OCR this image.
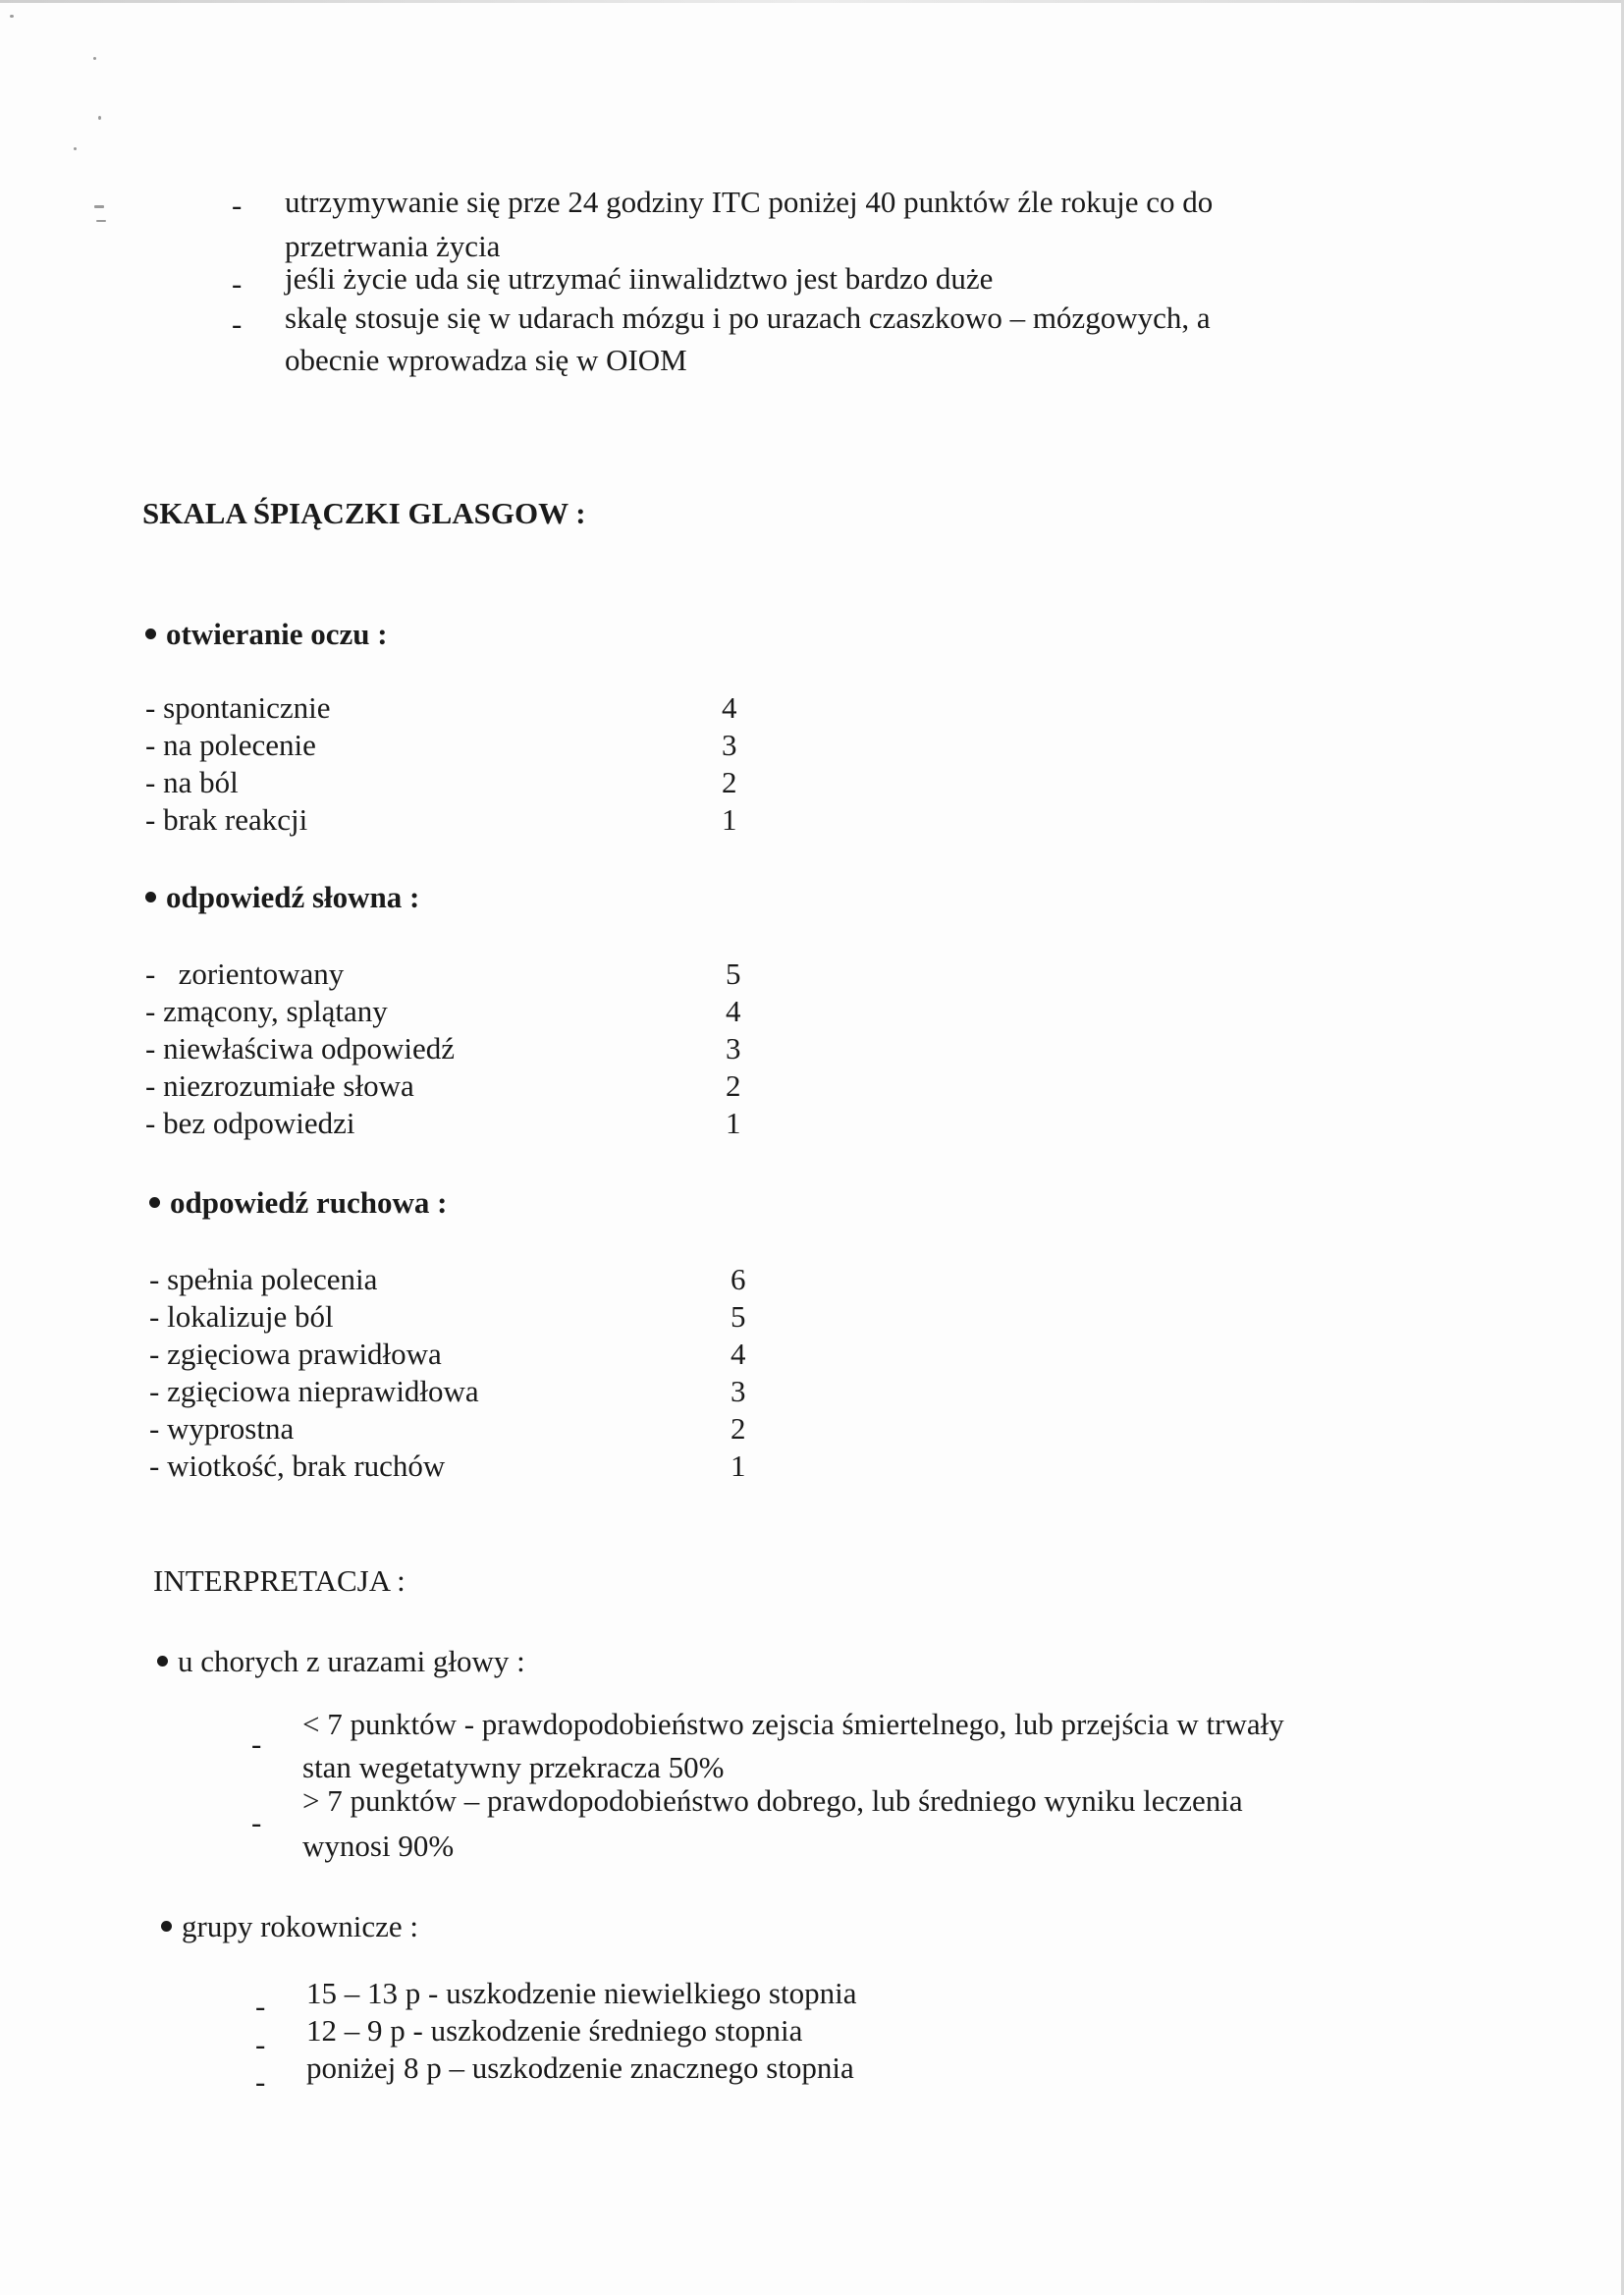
- utrzymywanie się prze 24 godziny ITC poniżej 40 punktów źle rokuje co do
przetrwania życia
- jeśli życie uda się utrzymać iinwalidztwo jest bardzo duże
- skalę stosuje się w udarach mózgu i po urazach czaszkowo – mózgowych, a
obecnie wprowadza się w OIOM
SKALA ŚPIĄCZKI GLASGOW :
otwieranie oczu :
- spontanicznie	4
- na polecenie	3
- na ból	2
- brak reakcji	1
odpowiedź słowna :
-   zorientowany	5
- zmącony, splątany	4
- niewłaściwa odpowiedź	3
- niezrozumiałe słowa	2
- bez odpowiedzi	1
odpowiedź ruchowa :
- spełnia polecenia	6
- lokalizuje ból	5
- zgięciowa prawidłowa	4
- zgięciowa nieprawidłowa	3
- wyprostna	2
- wiotkość, brak ruchów	1
INTERPRETACJA :
u chorych z urazami głowy :
-
< 7 punktów - prawdopodobieństwo zejscia śmiertelnego, lub przejścia w trwały
stan wegetatywny przekracza 50%
-
> 7 punktów – prawdopodobieństwo dobrego, lub średniego wyniku leczenia
wynosi 90%
grupy rokownicze :
- 15 – 13 p - uszkodzenie niewielkiego stopnia
- 12 – 9 p - uszkodzenie średniego stopnia
- poniżej 8 p – uszkodzenie znacznego stopnia
